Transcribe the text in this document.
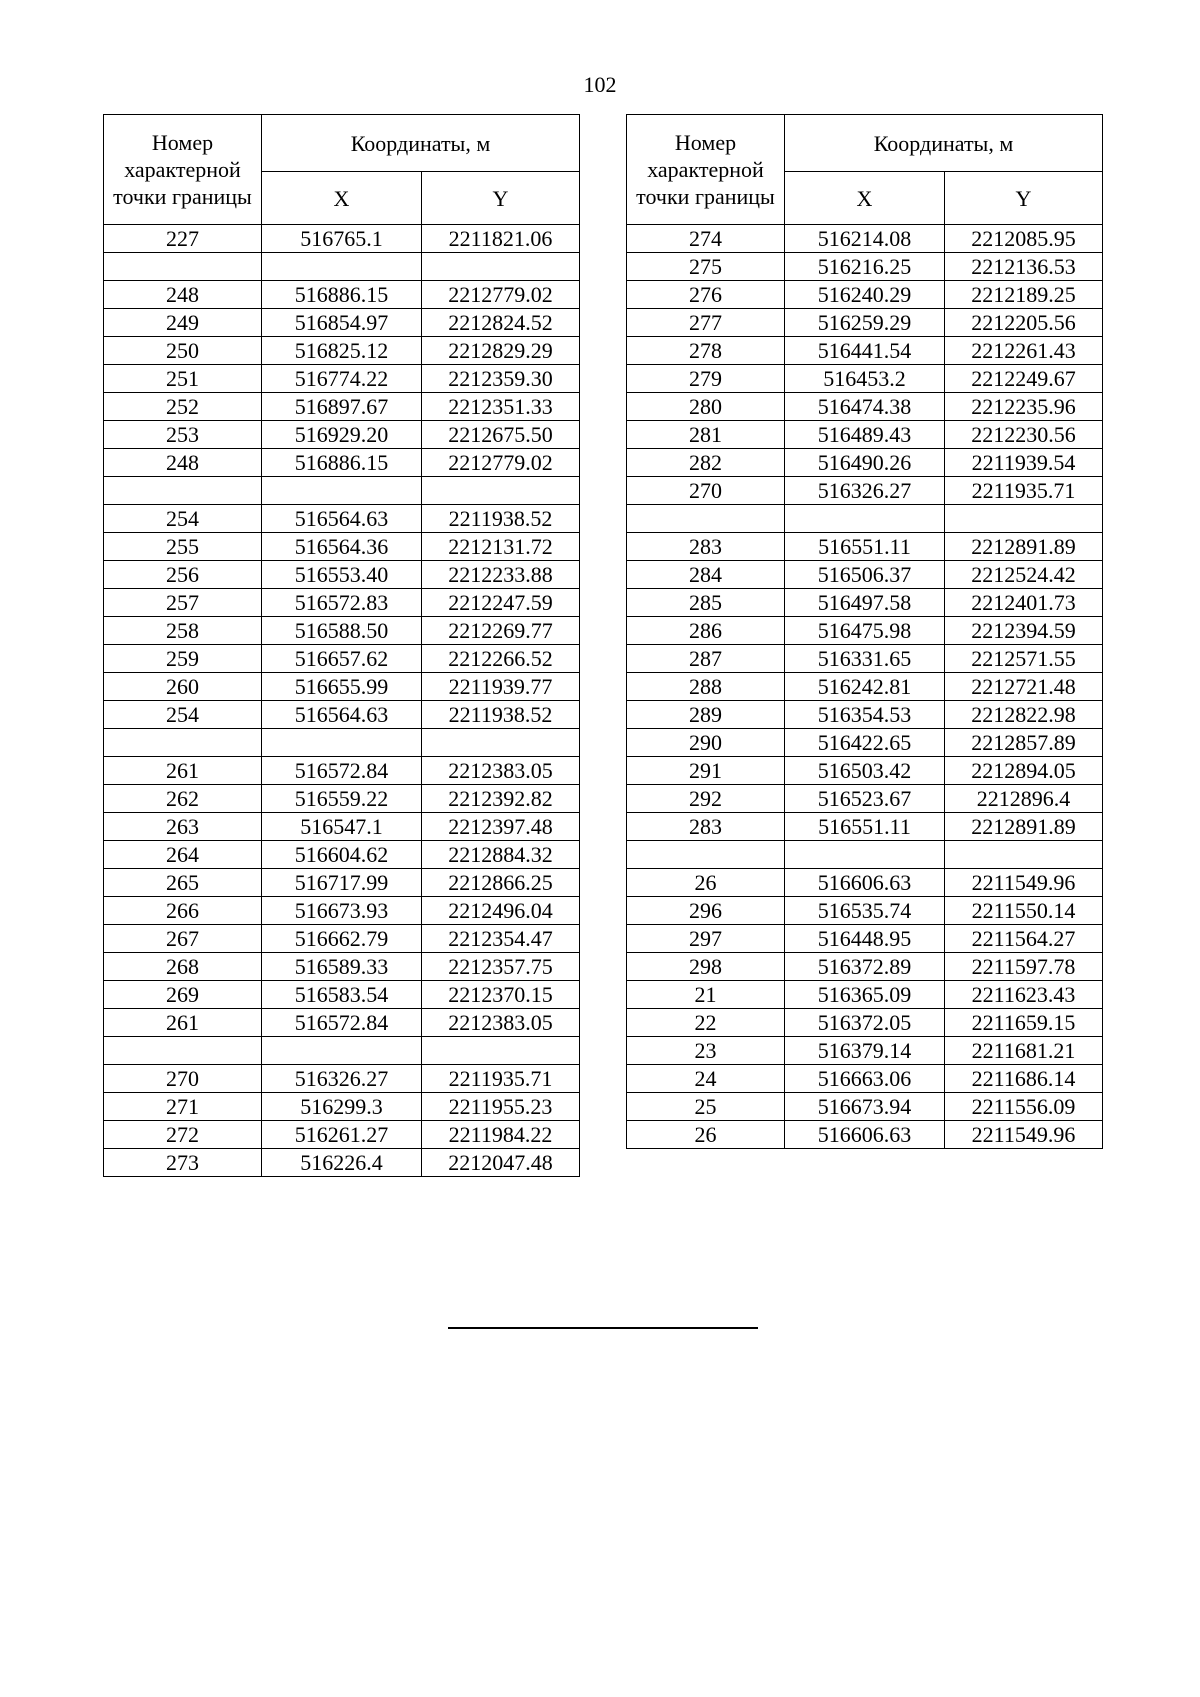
102
Номер характерной точки границы	Координаты, м	
	X	Y
227	516765.1	2211821.06

248	516886.15	2212779.02
249	516854.97	2212824.52
250	516825.12	2212829.29
251	516774.22	2212359.30
252	516897.67	2212351.33
253	516929.20	2212675.50
248	516886.15	2212779.02

254	516564.63	2211938.52
255	516564.36	2212131.72
256	516553.40	2212233.88
257	516572.83	2212247.59
258	516588.50	2212269.77
259	516657.62	2212266.52
260	516655.99	2211939.77
254	516564.63	2211938.52

261	516572.84	2212383.05
262	516559.22	2212392.82
263	516547.1	2212397.48
264	516604.62	2212884.32
265	516717.99	2212866.25
266	516673.93	2212496.04
267	516662.79	2212354.47
268	516589.33	2212357.75
269	516583.54	2212370.15
261	516572.84	2212383.05

270	516326.27	2211935.71
271	516299.3	2211955.23
272	516261.27	2211984.22
273	516226.4	2212047.48
Номер характерной точки границы	Координаты, м	
	X	Y
274	516214.08	2212085.95
275	516216.25	2212136.53
276	516240.29	2212189.25
277	516259.29	2212205.56
278	516441.54	2212261.43
279	516453.2	2212249.67
280	516474.38	2212235.96
281	516489.43	2212230.56
282	516490.26	2211939.54
270	516326.27	2211935.71

283	516551.11	2212891.89
284	516506.37	2212524.42
285	516497.58	2212401.73
286	516475.98	2212394.59
287	516331.65	2212571.55
288	516242.81	2212721.48
289	516354.53	2212822.98
290	516422.65	2212857.89
291	516503.42	2212894.05
292	516523.67	2212896.4
283	516551.11	2212891.89

26	516606.63	2211549.96
296	516535.74	2211550.14
297	516448.95	2211564.27
298	516372.89	2211597.78
21	516365.09	2211623.43
22	516372.05	2211659.15
23	516379.14	2211681.21
24	516663.06	2211686.14
25	516673.94	2211556.09
26	516606.63	2211549.96
